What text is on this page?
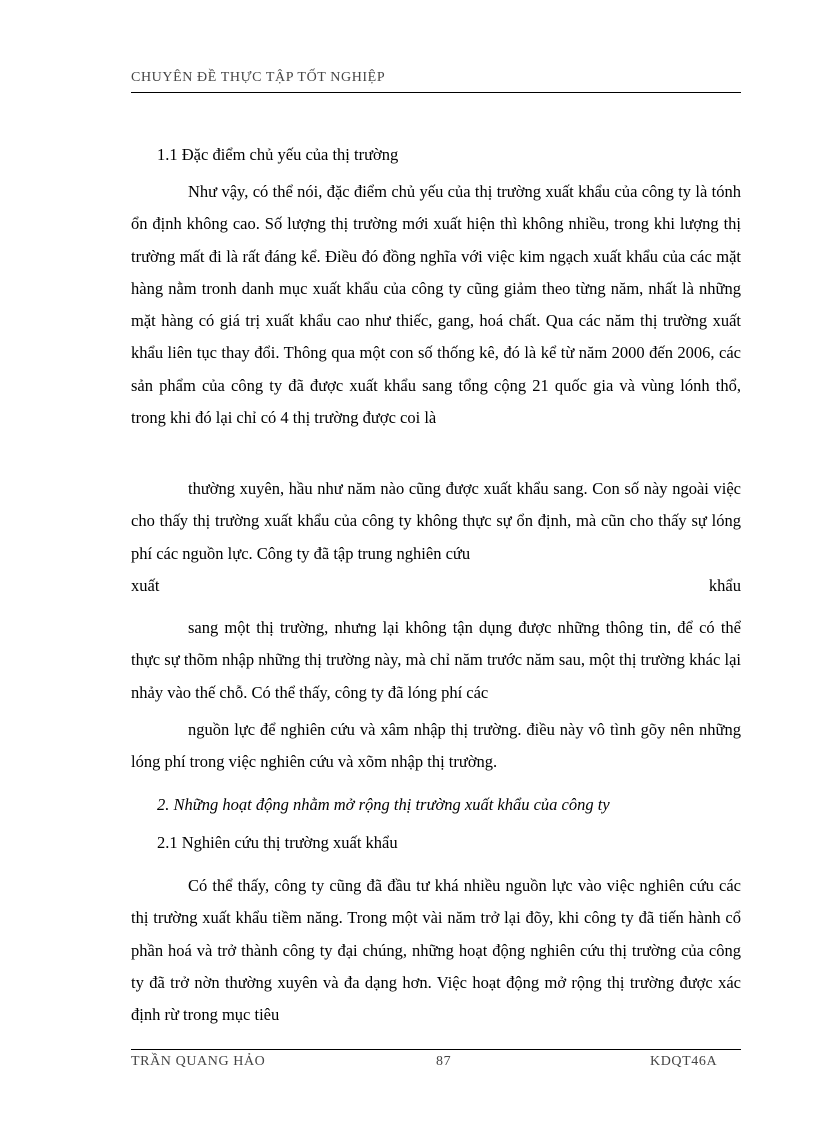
CHUYÊN ĐỀ THỰC TẬP TỐT NGHIỆP
1.1 Đặc điểm chủ yếu của thị trường
Như vậy, có thể nói, đặc điểm chủ yếu của thị trường xuất khẩu của công ty là tónh ổn định không cao. Số lượng thị trường mới xuất hiện thì không nhiều, trong khi lượng thị trường mất đi là rất đáng kể. Điều đó đồng nghĩa với việc kim ngạch xuất khẩu của các mặt hàng nằm tronh danh mục xuất khẩu của công ty cũng giảm theo từng năm, nhất là những mặt hàng có giá trị xuất khẩu cao như thiếc, gang, hoá chất. Qua các năm thị trường xuất khẩu liên tục thay đổi. Thông qua một con số thống kê, đó là kể từ năm 2000 đến 2006, các sản phẩm của công ty đã được xuất khẩu sang tổng cộng 21 quốc gia và vùng lónh thổ, trong khi đó lại chỉ có 4 thị trường được coi là
thường xuyên, hầu như năm nào cũng được xuất khẩu sang. Con số này ngoài việc cho thấy thị trường xuất khẩu của công ty không thực sự ổn định, mà cũn cho thấy sự lóng phí các nguồn lực. Công ty đã tập trung nghiên cứu
xuất	khẩu
sang một thị trường, nhưng lại không tận dụng được những thông tin, để có thể thực sự thõm nhập những thị trường này, mà chỉ năm trước năm sau, một thị trường khác lại nhảy vào thế chỗ. Có thể thấy, công ty đã lóng phí các
nguồn lực để nghiên cứu và xâm nhập thị trường. điều này vô tình gõy nên những lóng phí trong việc nghiên cứu và xõm nhập thị trường.
2. Những hoạt động nhằm mở rộng thị trường xuất khẩu của công ty
2.1 Nghiên cứu thị trường xuất khẩu
Có thể thấy, công ty cũng đã đầu tư khá nhiều nguồn lực vào việc nghiên cứu các thị trường xuất khẩu tiềm năng. Trong một vài năm trở lại đõy, khi công ty đã tiến hành cổ phần hoá và trở thành công ty đại chúng, những hoạt động nghiên cứu thị trường của công ty đã trở nờn thường xuyên và đa dạng hơn. Việc hoạt động mở rộng thị trường được xác định rừ trong mục tiêu
TRẦN QUANG HẢO	87	KDQT46A
